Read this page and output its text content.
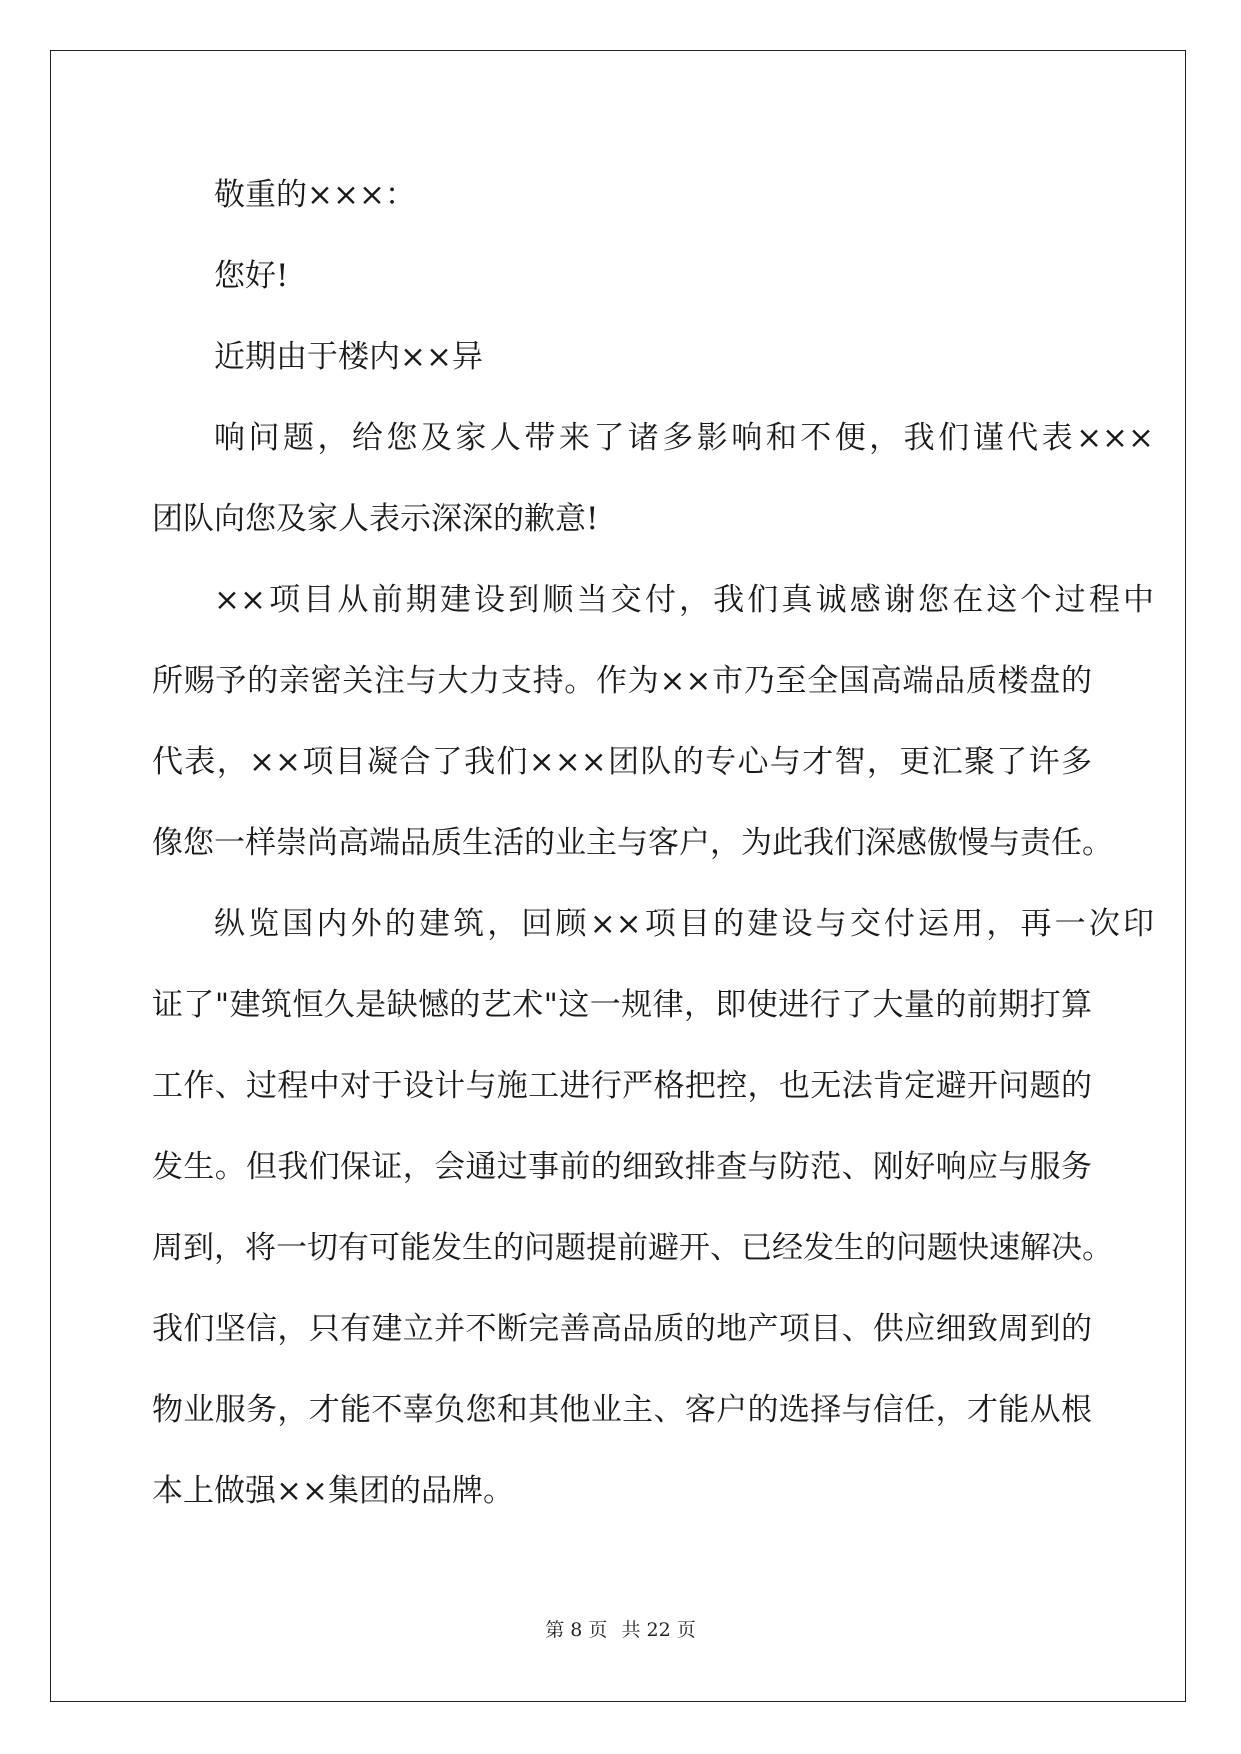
敬重的×××：
您好!
近期由于楼内××异
响问题，给您及家人带来了诸多影响和不便，我们谨代表×××
团队向您及家人表示深深的歉意!
××项目从前期建设到顺当交付，我们真诚感谢您在这个过程中
所赐予的亲密关注与大力支持。作为××市乃至全国高端品质楼盘的
代表，××项目凝合了我们×××团队的专心与才智，更汇聚了许多
像您一样崇尚高端品质生活的业主与客户，为此我们深感傲慢与责任。
纵览国内外的建筑，回顾××项目的建设与交付运用，再一次印
证了"建筑恒久是缺憾的艺术"这一规律，即使进行了大量的前期打算
工作、过程中对于设计与施工进行严格把控，也无法肯定避开问题的
发生。但我们保证，会通过事前的细致排查与防范、刚好响应与服务
周到，将一切有可能发生的问题提前避开、已经发生的问题快速解决。
我们坚信，只有建立并不断完善高品质的地产项目、供应细致周到的
物业服务，才能不辜负您和其他业主、客户的选择与信任，才能从根
本上做强××集团的品牌。
第 8 页 共 22 页
